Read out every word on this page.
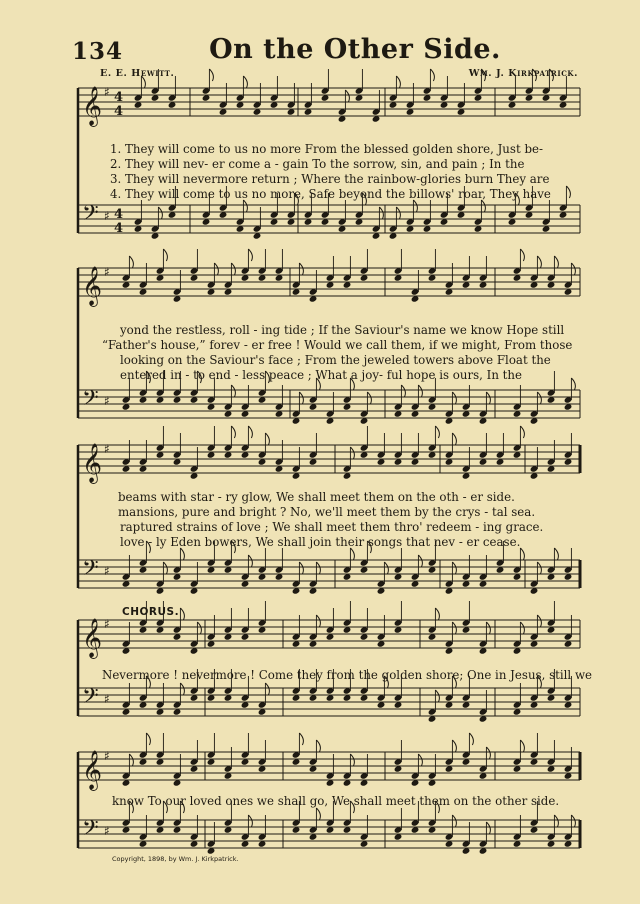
134	On the Other Side.
E. E. Hewitt.	Wm. J. Kirkpatrick.
𝄞 ♯ 4
4
𝄢 ♯ 4
4
𝄞 ♯
𝄢 ♯
𝄞 ♯
𝄢 ♯
𝄞 ♯
𝄢 ♯
𝄞 ♯
𝄢 ♯
1. They will come to us no more From the blessed golden shore, Just be-
2. They will nev- er come a - gain To the sorrow, sin, and pain ; In the
3. They will nevermore return ; Where the rainbow-glories burn They are
4. They will come to us no more, Safe beyond the billows' roar, They have
yond the restless, roll - ing tide ; If the Saviour's name we know Hope still
“Father's house,” forev - er free ! Would we call them, if we might, From those
looking on the Saviour's face ; From the jeweled towers above Float the
entered in - to end - less peace ; What a joy- ful hope is ours, In the
beams with star - ry glow, We shall meet them on the oth - er side.
mansions, pure and bright ? No, we'll meet them by the crys - tal sea.
raptured strains of love ; We shall meet them thro' redeem - ing grace.
love - ly Eden bowers, We shall join their songs that nev - er cease.
CHORUS.
Nevermore ! nevermore ! Come they from the golden shore; One in Jesus, still we
know To our loved ones we shall go, We shall meet them on the other side.
Copyright, 1898, by Wm. J. Kirkpatrick.
